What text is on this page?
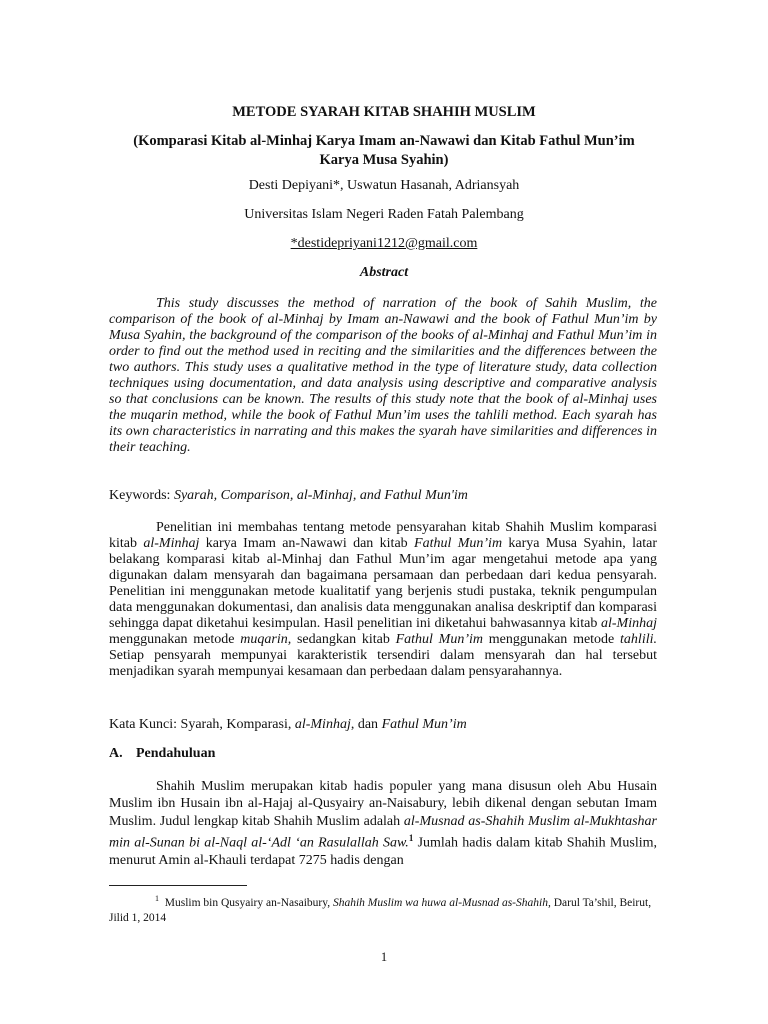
METODE SYARAH KITAB SHAHIH MUSLIM
(Komparasi Kitab al-Minhaj Karya Imam an-Nawawi dan Kitab Fathul Mun’im
Karya Musa Syahin)
Desti Depiyani*, Uswatun Hasanah, Adriansyah
Universitas Islam Negeri Raden Fatah Palembang
*destidepriyani1212@gmail.com
Abstract

This study discusses the method of narration of the book of Sahih Muslim, the comparison of the book of al-Minhaj by Imam an-Nawawi and the book of Fathul Mun’im by Musa Syahin, the background of the comparison of the books of al-Minhaj and Fathul Mun’im in order to find out the method used in reciting and the similarities and the differences between the two authors. This study uses a qualitative method in the type of literature study, data collection techniques using documentation, and data analysis using descriptive and comparative analysis so that conclusions can be known. The results of this study note that the book of al-Minhaj uses the muqarin method, while the book of Fathul Mun’im uses the tahlili method. Each syarah has its own characteristics in narrating and this makes the syarah have similarities and differences in their teaching.

Keywords: Syarah, Comparison, al-Minhaj, and Fathul Mun'im

Penelitian ini membahas tentang metode pensyarahan kitab Shahih Muslim komparasi kitab al-Minhaj karya Imam an-Nawawi dan kitab Fathul Mun’im karya Musa Syahin, latar belakang komparasi kitab al-Minhaj dan Fathul Mun’im agar mengetahui metode apa yang digunakan dalam mensyarah dan bagaimana persamaan dan perbedaan dari kedua pensyarah. Penelitian ini menggunakan metode kualitatif yang berjenis studi pustaka, teknik pengumpulan data menggunakan dokumentasi, dan analisis data menggunakan analisa deskriptif dan komparasi sehingga dapat diketahui kesimpulan. Hasil penelitian ini diketahui bahwasannya kitab al-Minhaj menggunakan metode muqarin, sedangkan kitab Fathul Mun’im menggunakan metode tahlili. Setiap pensyarah mempunyai karakteristik tersendiri dalam mensyarah dan hal tersebut menjadikan syarah mempunyai kesamaan dan perbedaan dalam pensyarahannya.

Kata Kunci: Syarah, Komparasi, al-Minhaj, dan Fathul Mun’im
A. Pendahuluan

Shahih Muslim merupakan kitab hadis populer yang mana disusun oleh Abu Husain Muslim ibn Husain ibn al-Hajaj al-Qusyairy an-Naisabury, lebih dikenal dengan sebutan Imam Muslim. Judul lengkap kitab Shahih Muslim adalah al-Musnad as-Shahih Muslim al-Mukhtashar min al-Sunan bi al-Naql al-‘Adl ‘an Rasulallah Saw.$^1$ Jumlah hadis dalam kitab Shahih Muslim, menurut Amin al-Khauli terdapat 7275 hadis dengan

$^1$ Muslim bin Qusyairy an-Nasaibury, Shahih Muslim wa huwa al-Musnad as-Shahih, Darul Ta’shil, Beirut, Jilid 1, 2014
1
